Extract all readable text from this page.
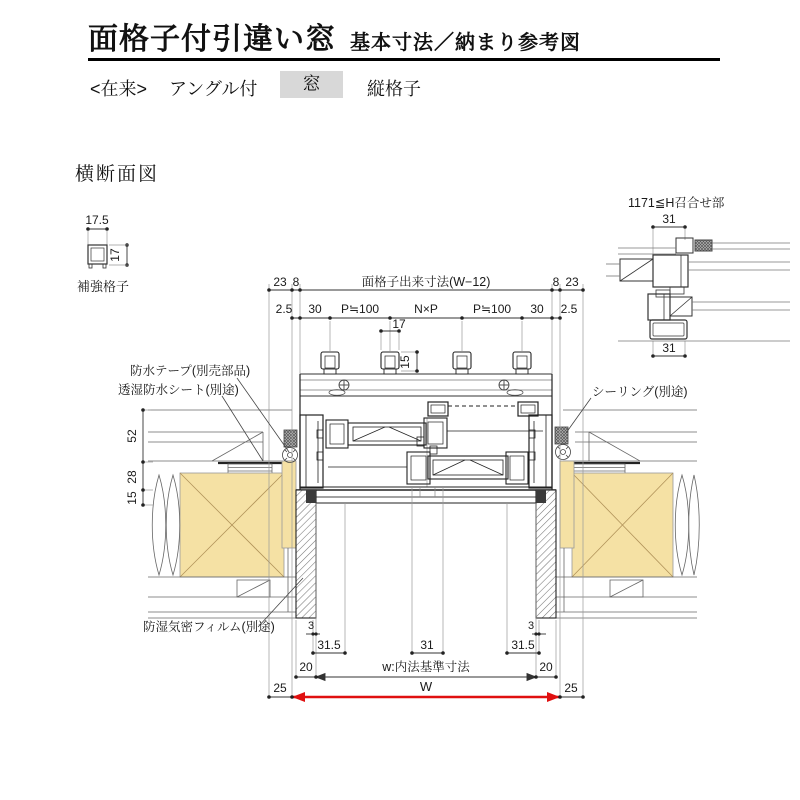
面格子付引違い窓 基本寸法／納まり参考図
<在来> アングル付	窓	縦格子
横断面図
23 8	面格子出来寸法(W−12)	8 23
2.5 30 P≒100	N×P	P≒100 30 2.5
17
15
52
28
15
3	3
31.5	31	31.5
20	w:内法基準寸法	20
25	W	25
17.5
17
31
31
補強格子
1171≦H召合せ部
防水テープ(別売部品)
透湿防水シート(別途)	シーリング(別途)
防湿気密フィルム(別途)
